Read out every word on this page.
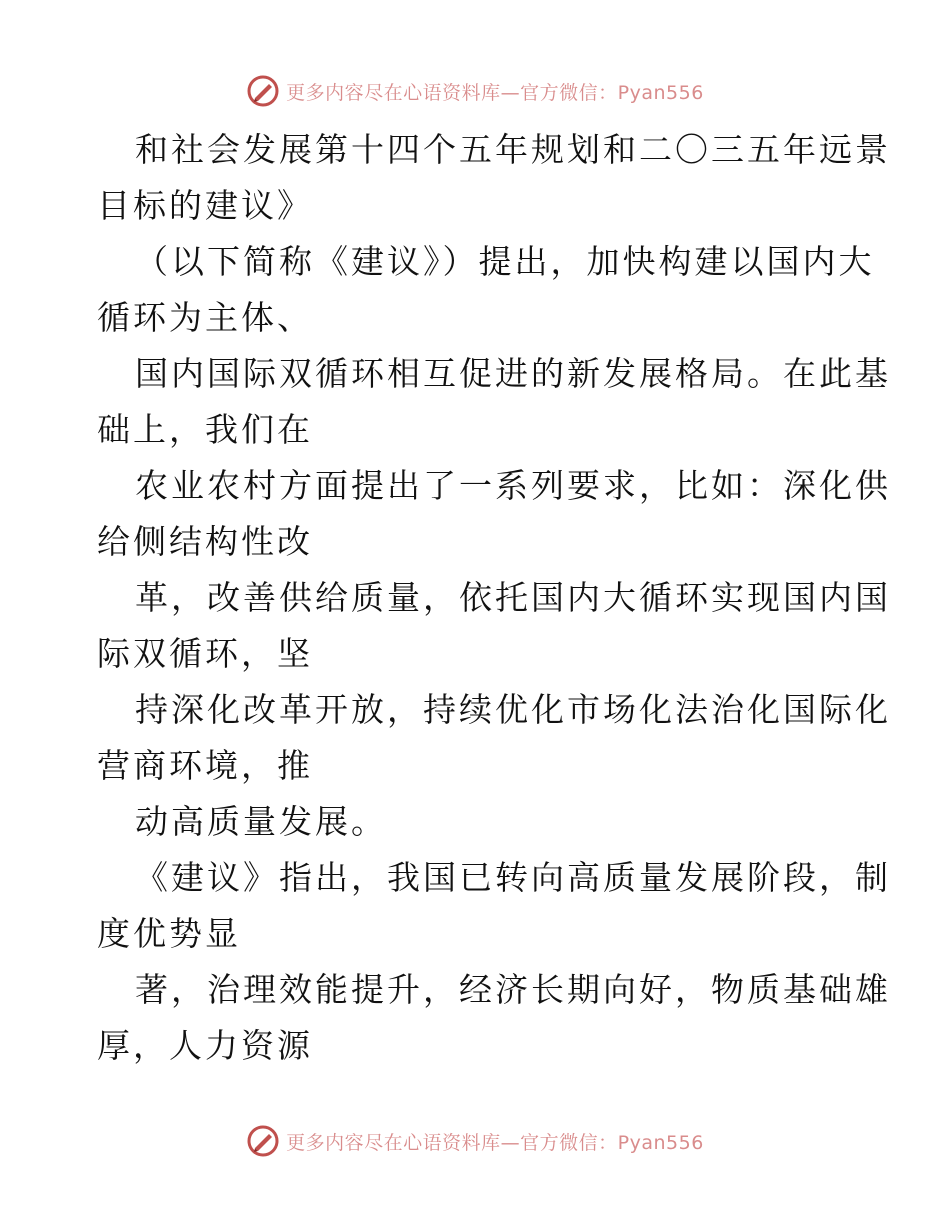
更多内容尽在心语资料库—官方微信：Pyan556
和社会发展第十四个五年规划和二〇三五年远景
目标的建议》
（以下简称《建议》）提出，加快构建以国内大
循环为主体、
国内国际双循环相互促进的新发展格局。在此基
础上，我们在
农业农村方面提出了一系列要求，比如：深化供
给侧结构性改
革，改善供给质量，依托国内大循环实现国内国
际双循环，坚
持深化改革开放，持续优化市场化法治化国际化
营商环境，推
动高质量发展。
《建议》指出，我国已转向高质量发展阶段，制
度优势显
著，治理效能提升，经济长期向好，物质基础雄
厚，人力资源
更多内容尽在心语资料库—官方微信：Pyan556
